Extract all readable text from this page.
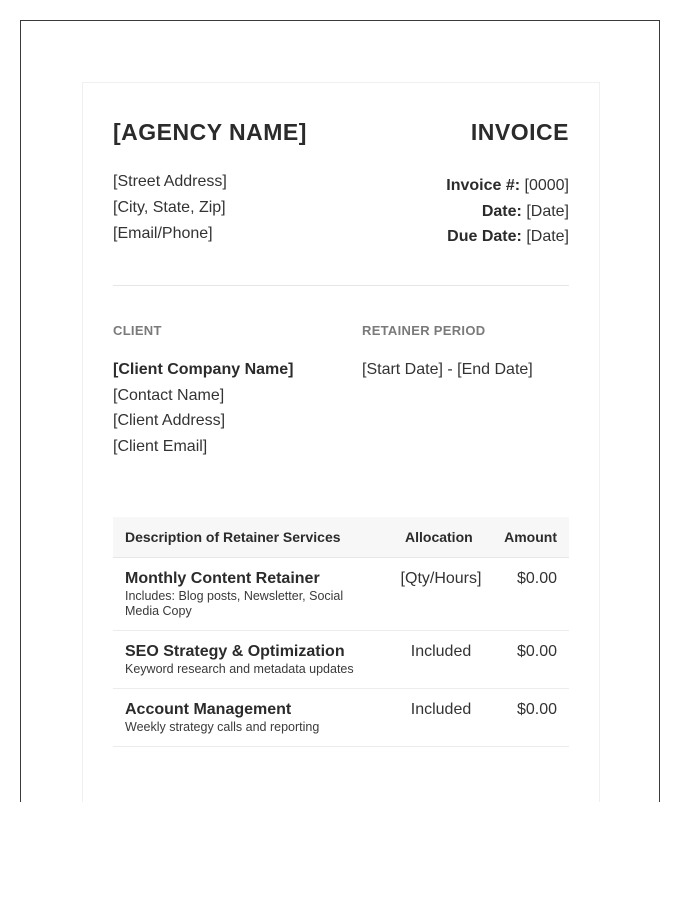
[AGENCY NAME]	INVOICE
[Street Address]
[City, State, Zip]
[Email/Phone]
Invoice #: [0000]
Date: [Date]
Due Date: [Date]
CLIENT	RETAINER PERIOD
[Client Company Name]
[Contact Name]
[Client Address]
[Client Email]
[Start Date] - [End Date]
Description of Retainer Services	Allocation Amount
Monthly Content Retainer
Includes: Blog posts, Newsletter, Social Media Copy
[Qty/Hours]	$0.00
SEO Strategy & Optimization
Keyword research and metadata updates
Included	$0.00
Account Management
Weekly strategy calls and reporting
Included	$0.00
